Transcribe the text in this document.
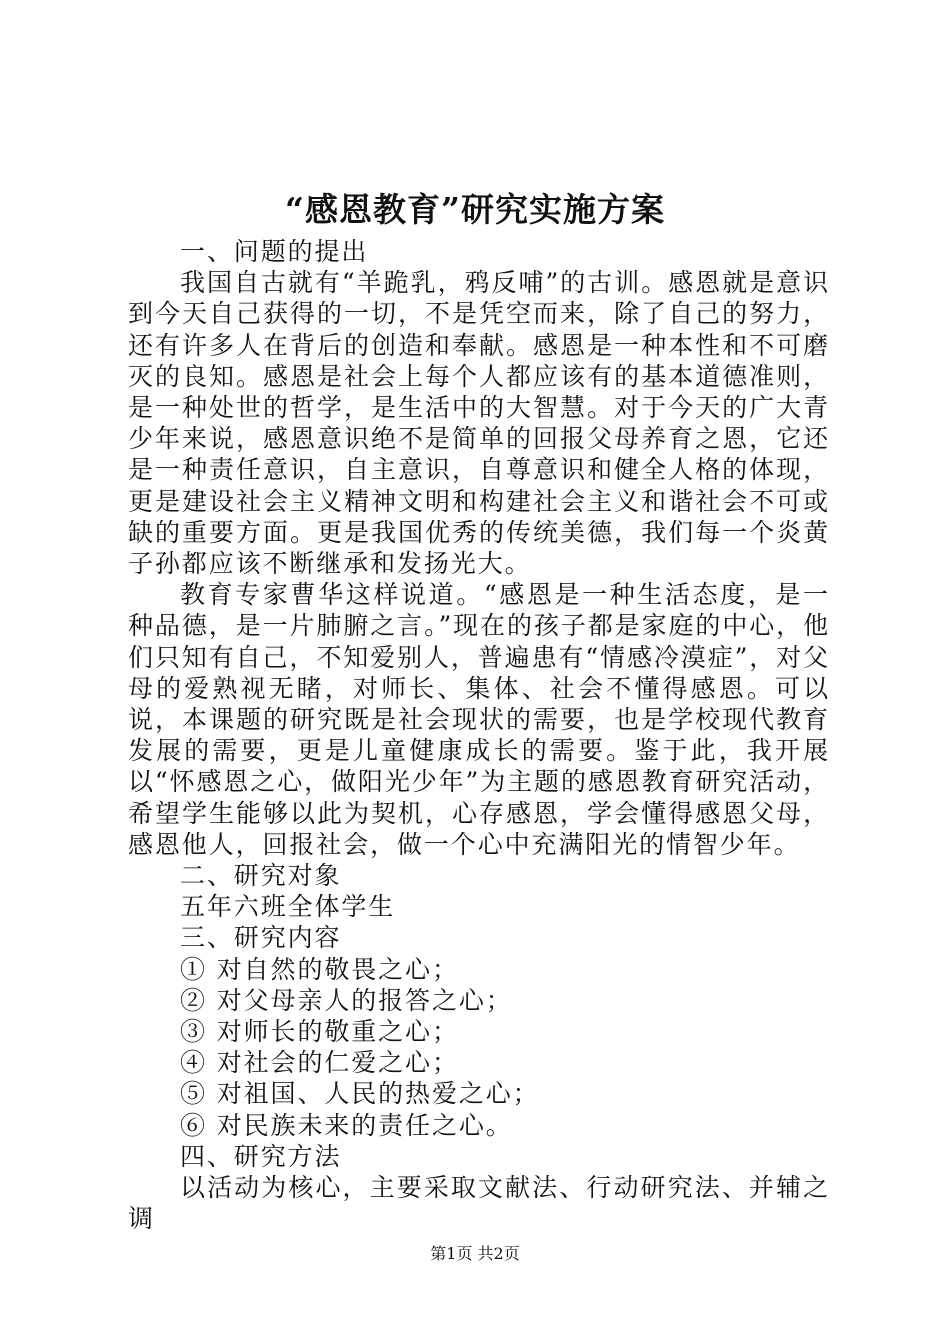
“感恩教育”研究实施方案

一、问题的提出

我国自古就有“羊跪乳，鸦反哺”的古训。感恩就是意识到今天自己获得的一切，不是凭空而来，除了自己的努力，还有许多人在背后的创造和奉献。感恩是一种本性和不可磨灭的良知。感恩是社会上每个人都应该有的基本道德准则，是一种处世的哲学，是生活中的大智慧。对于今天的广大青少年来说，感恩意识绝不是简单的回报父母养育之恩，它还是一种责任意识，自主意识，自尊意识和健全人格的体现，更是建设社会主义精神文明和构建社会主义和谐社会不可或缺的重要方面。更是我国优秀的传统美德，我们每一个炎黄子孙都应该不断继承和发扬光大。

教育专家曹华这样说道。“感恩是一种生活态度，是一种品德，是一片肺腑之言。”现在的孩子都是家庭的中心，他们只知有自己，不知爱别人，普遍患有“情感冷漠症”，对父母的爱熟视无睹，对师长、集体、社会不懂得感恩。可以说，本课题的研究既是社会现状的需要，也是学校现代教育发展的需要，更是儿童健康成长的需要。鉴于此，我开展以“怀感恩之心，做阳光少年”为主题的感恩教育研究活动，希望学生能够以此为契机，心存感恩，学会懂得感恩父母，感恩他人，回报社会，做一个心中充满阳光的情智少年。

二、研究对象

五年六班全体学生

三、研究内容

① 对自然的敬畏之心；

② 对父母亲人的报答之心；

③ 对师长的敬重之心；

④ 对社会的仁爱之心；

⑤ 对祖国、人民的热爱之心；

⑥ 对民族未来的责任之心。

四、研究方法

以活动为核心，主要采取文献法、行动研究法、并辅之调

第1页 共2页
